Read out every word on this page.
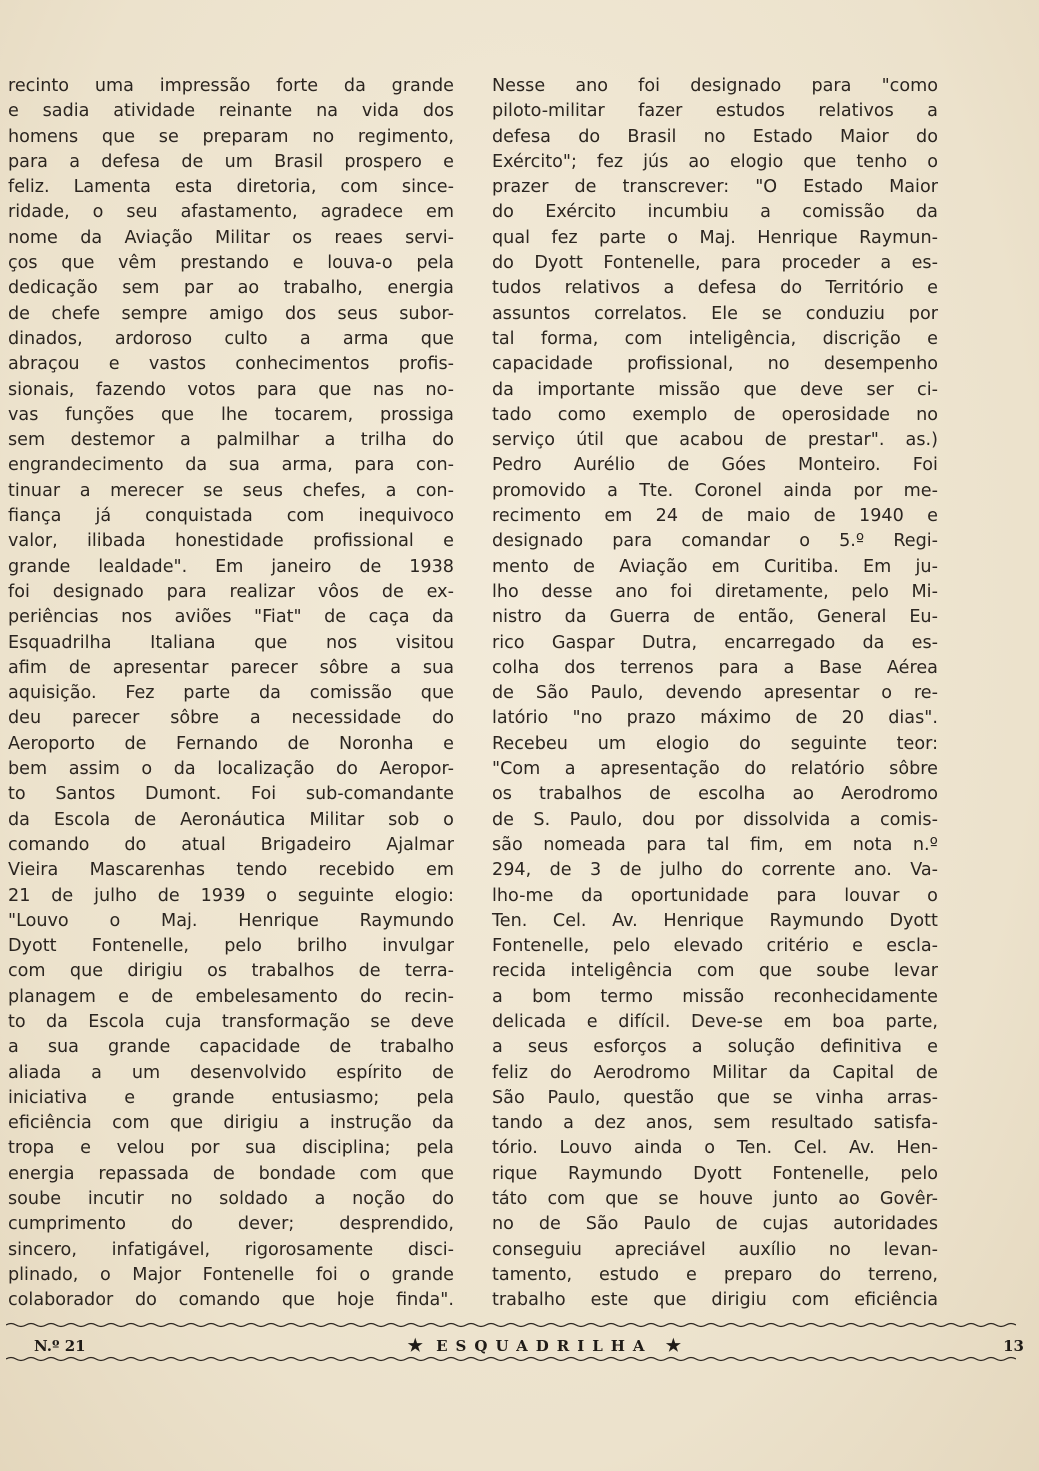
recinto uma impressão forte da grande
e sadia atividade reinante na vida dos
homens que se preparam no regimento,
para a defesa de um Brasil prospero e
feliz. Lamenta esta diretoria, com since-
ridade, o seu afastamento, agradece em
nome da Aviação Militar os reaes servi-
ços que vêm prestando e louva-o pela
dedicação sem par ao trabalho, energia
de chefe sempre amigo dos seus subor-
dinados, ardoroso culto a arma que
abraçou e vastos conhecimentos profis-
sionais, fazendo votos para que nas no-
vas funções que lhe tocarem, prossiga
sem destemor a palmilhar a trilha do
engrandecimento da sua arma, para con-
tinuar a merecer se seus chefes, a con-
fiança já conquistada com inequivoco
valor, ilibada honestidade profissional e
grande lealdade". Em janeiro de 1938
foi designado para realizar vôos de ex-
periências nos aviões "Fiat" de caça da
Esquadrilha Italiana que nos visitou
afim de apresentar parecer sôbre a sua
aquisição. Fez parte da comissão que
deu parecer sôbre a necessidade do
Aeroporto de Fernando de Noronha e
bem assim o da localização do Aeropor-
to Santos Dumont. Foi sub-comandante
da Escola de Aeronáutica Militar sob o
comando do atual Brigadeiro Ajalmar
Vieira Mascarenhas tendo recebido em
21 de julho de 1939 o seguinte elogio:
"Louvo o Maj. Henrique Raymundo
Dyott Fontenelle, pelo brilho invulgar
com que dirigiu os trabalhos de terra-
planagem e de embelesamento do recin-
to da Escola cuja transformação se deve
a sua grande capacidade de trabalho
aliada a um desenvolvido espírito de
iniciativa e grande entusiasmo; pela
eficiência com que dirigiu a instrução da
tropa e velou por sua disciplina; pela
energia repassada de bondade com que
soube incutir no soldado a noção do
cumprimento	do	dever;	desprendido,
sincero, infatigável, rigorosamente disci-
plinado, o Major Fontenelle foi o grande
colaborador do comando que hoje finda".
Nesse ano foi designado para "como
piloto-militar fazer estudos relativos a
defesa do Brasil no Estado Maior do
Exército"; fez jús ao elogio que tenho o
prazer de transcrever: "O Estado Maior
do Exército incumbiu a comissão da
qual fez parte o Maj. Henrique Raymun-
do Dyott Fontenelle, para proceder a es-
tudos relativos a defesa do Território e
assuntos correlatos. Ele se conduziu por
tal forma, com inteligência, discrição e
capacidade profissional, no desempenho
da importante missão que deve ser ci-
tado como exemplo de operosidade no
serviço útil que acabou de prestar". as.)
Pedro Aurélio de Góes Monteiro. Foi
promovido a Tte. Coronel ainda por me-
recimento em 24 de maio de 1940 e
designado para comandar o 5.º Regi-
mento de Aviação em Curitiba. Em ju-
lho desse ano foi diretamente, pelo Mi-
nistro da Guerra de então, General Eu-
rico Gaspar Dutra, encarregado da es-
colha dos terrenos para a Base Aérea
de São Paulo, devendo apresentar o re-
latório "no prazo máximo de 20 dias".
Recebeu um elogio do seguinte teor:
"Com a apresentação do relatório sôbre
os trabalhos de escolha ao Aerodromo
de S. Paulo, dou por dissolvida a comis-
são nomeada para tal fim, em nota n.º
294, de 3 de julho do corrente ano. Va-
lho-me da oportunidade para louvar o
Ten. Cel. Av. Henrique Raymundo Dyott
Fontenelle, pelo elevado critério e escla-
recida inteligência com que soube levar
a bom termo missão reconhecidamente
delicada e difícil. Deve-se em boa parte,
a seus esforços a solução definitiva e
feliz do Aerodromo Militar da Capital de
São Paulo, questão que se vinha arras-
tando a dez anos, sem resultado satisfa-
tório. Louvo ainda o Ten. Cel. Av. Hen-
rique Raymundo Dyott Fontenelle, pelo
táto com que se houve junto ao Govêr-
no de São Paulo de cujas autoridades
conseguiu apreciável auxílio no levan-
tamento, estudo e preparo do terreno,
trabalho este que dirigiu com eficiência
N.º 21	★ ESQUADRILHA ★	13
